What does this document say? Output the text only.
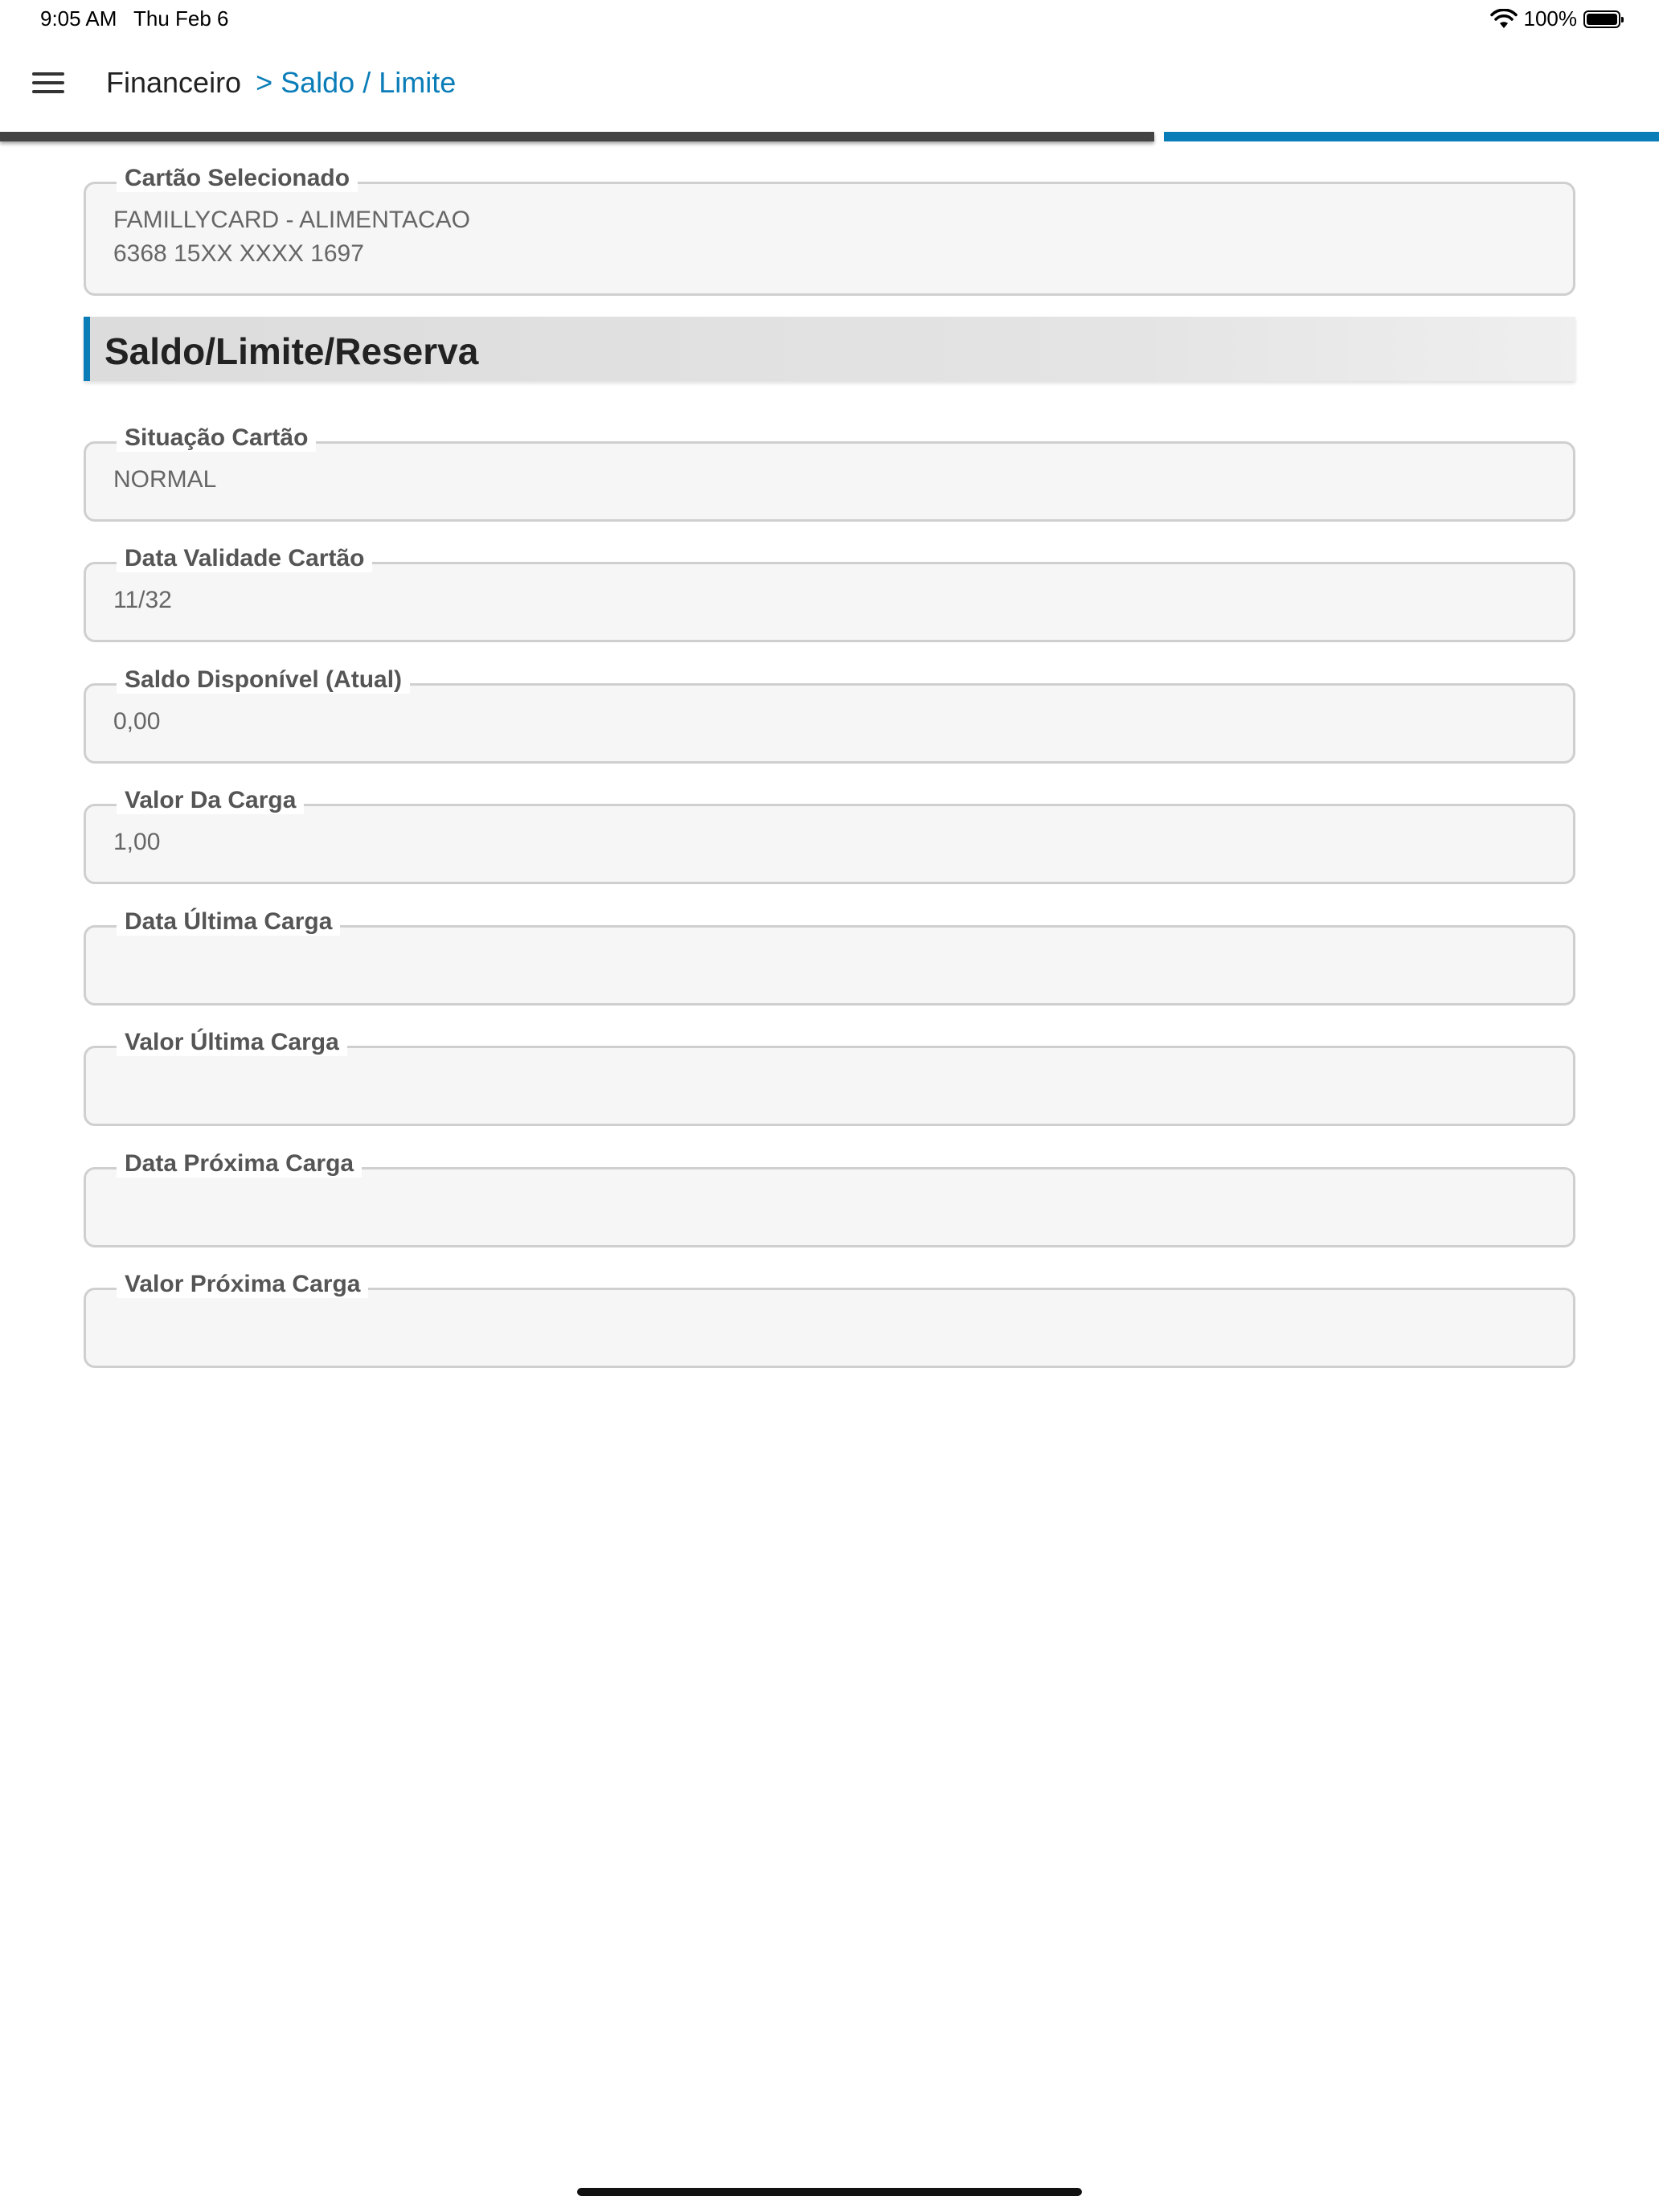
9:05 AM Thu Feb 6	100%
Financeiro > Saldo / Limite
Cartão Selecionado
FAMILLYCARD - ALIMENTACAO
6368 15XX XXXX 1697
Saldo/Limite/Reserva
Situação Cartão
NORMAL
Data Validade Cartão
11/32
Saldo Disponível (Atual)
0,00
Valor Da Carga
1,00
Data Última Carga
Valor Última Carga
Data Próxima Carga
Valor Próxima Carga
